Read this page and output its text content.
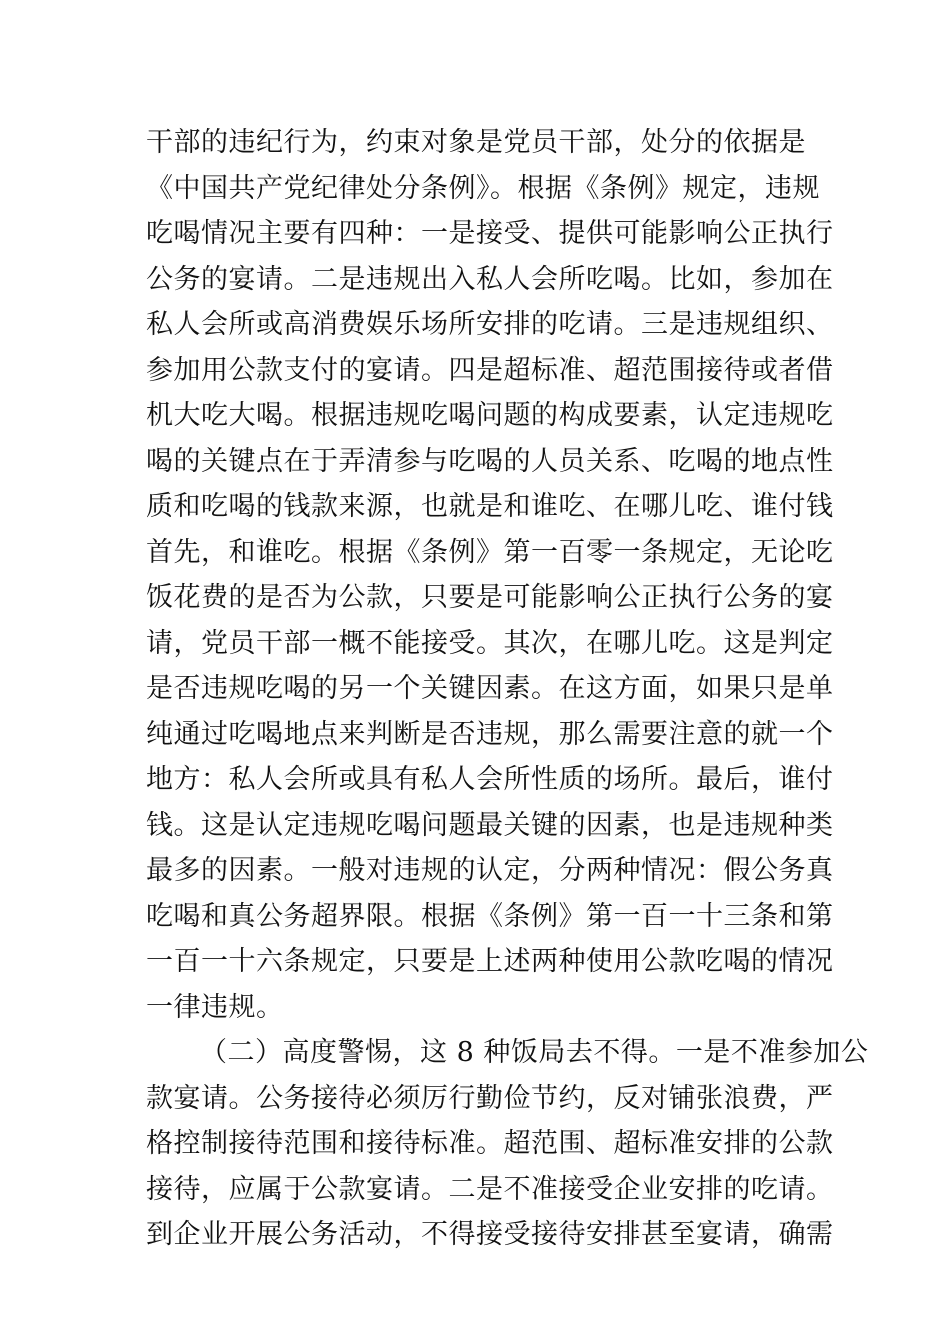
干部的违纪行为，约束对象是党员干部，处分的依据是
《中国共产党纪律处分条例》。根据《条例》规定，违规
吃喝情况主要有四种：一是接受、提供可能影响公正执行
公务的宴请。二是违规出入私人会所吃喝。比如，参加在
私人会所或高消费娱乐场所安排的吃请。三是违规组织、
参加用公款支付的宴请。四是超标准、超范围接待或者借
机大吃大喝。根据违规吃喝问题的构成要素，认定违规吃
喝的关键点在于弄清参与吃喝的人员关系、吃喝的地点性
质和吃喝的钱款来源，也就是和谁吃、在哪儿吃、谁付钱
首先，和谁吃。根据《条例》第一百零一条规定，无论吃
饭花费的是否为公款，只要是可能影响公正执行公务的宴
请，党员干部一概不能接受。其次，在哪儿吃。这是判定
是否违规吃喝的另一个关键因素。在这方面，如果只是单
纯通过吃喝地点来判断是否违规，那么需要注意的就一个
地方：私人会所或具有私人会所性质的场所。最后，谁付
钱。这是认定违规吃喝问题最关键的因素，也是违规种类
最多的因素。一般对违规的认定，分两种情况：假公务真
吃喝和真公务超界限。根据《条例》第一百一十三条和第
一百一十六条规定，只要是上述两种使用公款吃喝的情况
一律违规。
（二）高度警惕，这 8 种饭局去不得。一是不准参加公
款宴请。公务接待必须厉行勤俭节约，反对铺张浪费，严
格控制接待范围和接待标准。超范围、超标准安排的公款
接待，应属于公款宴请。二是不准接受企业安排的吃请。
到企业开展公务活动，不得接受接待安排甚至宴请，确需
